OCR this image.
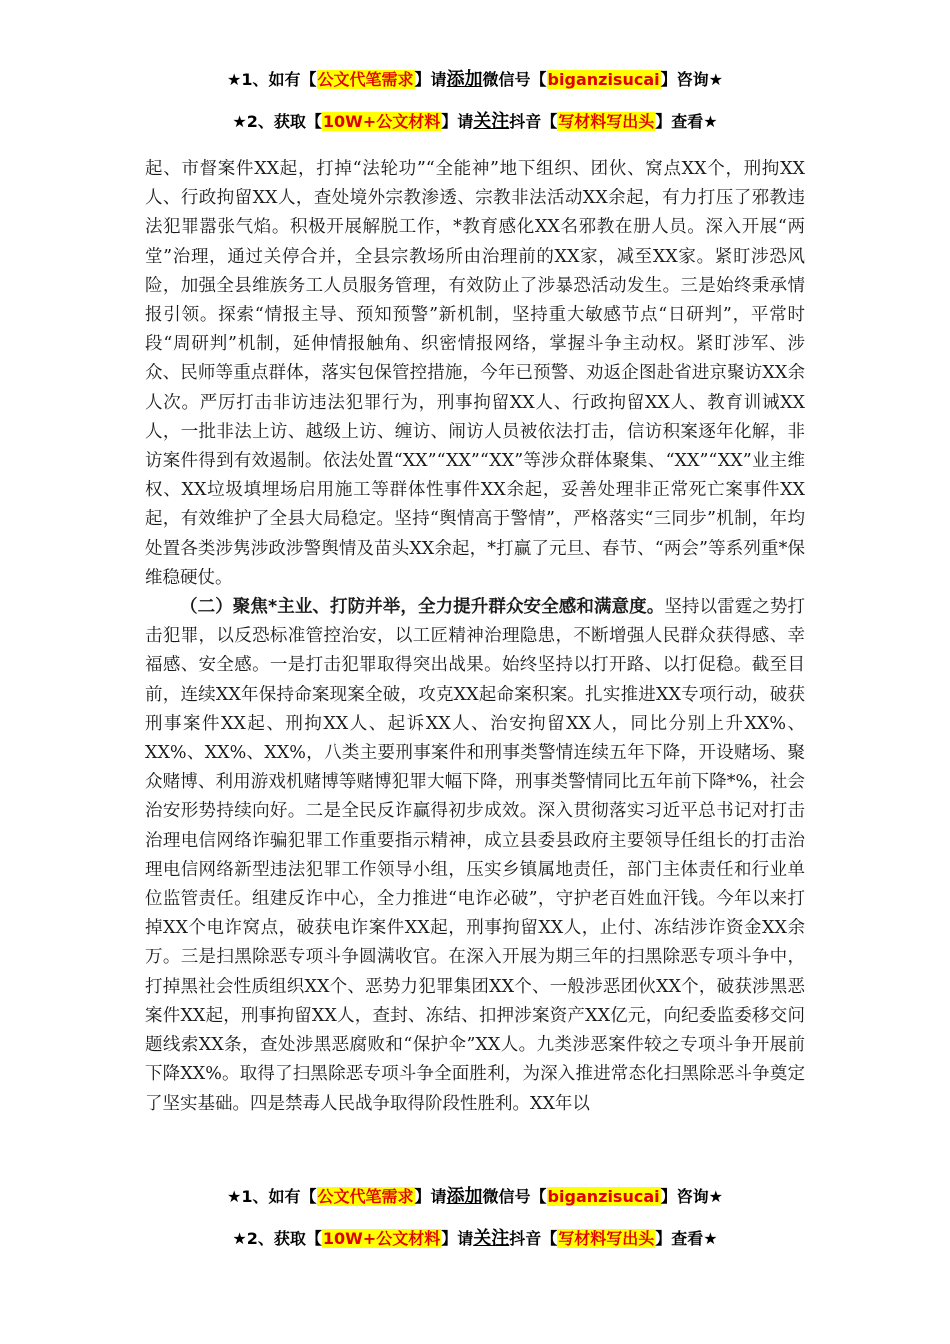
★1、如有【公文代笔需求】请添加微信号【biganzisucai】咨询★
★2、获取【10W+公文材料】请关注抖音【写材料写出头】查看★

起、市督案件XX起，打掉“法轮功”“全能神”地下组织、团伙、窝点XX个，刑拘XX人、行政拘留XX人，查处境外宗教渗透、宗教非法活动XX余起，有力打压了邪教违法犯罪嚣张气焰。积极开展解脱工作，*教育感化XX名邪教在册人员。深入开展“两堂”治理，通过关停合并，全县宗教场所由治理前的XX家，减至XX家。紧盯涉恐风险，加强全县维族务工人员服务管理，有效防止了涉暴恐活动发生。三是始终秉承情报引领。探索“情报主导、预知预警”新机制，坚持重大敏感节点“日研判”，平常时段“周研判”机制，延伸情报触角、织密情报网络，掌握斗争主动权。紧盯涉军、涉众、民师等重点群体，落实包保管控措施，今年已预警、劝返企图赴省进京聚访XX余人次。严厉打击非访违法犯罪行为，刑事拘留XX人、行政拘留XX人、教育训诫XX人，一批非法上访、越级上访、缠访、闹访人员被依法打击，信访积案逐年化解，非访案件得到有效遏制。依法处置“XX”“XX”“XX”等涉众群体聚集、“XX”“XX”业主维权、XX垃圾填埋场启用施工等群体性事件XX余起，妥善处理非正常死亡案事件XX起，有效维护了全县大局稳定。坚持“舆情高于警情”，严格落实“三同步”机制，年均处置各类涉隽涉政涉警舆情及苗头XX余起，*打赢了元旦、春节、“两会”等系列重*保维稳硬仗。

（二）聚焦*主业、打防并举，全力提升群众安全感和满意度。坚持以雷霆之势打击犯罪，以反恐标准管控治安，以工匠精神治理隐患，不断增强人民群众获得感、幸福感、安全感。一是打击犯罪取得突出战果。始终坚持以打开路、以打促稳。截至目前，连续XX年保持命案现案全破，攻克XX起命案积案。扎实推进XX专项行动，破获刑事案件XX起、刑拘XX人、起诉XX人、治安拘留XX人，同比分别上升XX%、XX%、XX%、XX%，八类主要刑事案件和刑事类警情连续五年下降，开设赌场、聚众赌博、利用游戏机赌博等赌博犯罪大幅下降，刑事类警情同比五年前下降*%，社会治安形势持续向好。二是全民反诈赢得初步成效。深入贯彻落实习近平总书记对打击治理电信网络诈骗犯罪工作重要指示精神，成立县委县政府主要领导任组长的打击治理电信网络新型违法犯罪工作领导小组，压实乡镇属地责任，部门主体责任和行业单位监管责任。组建反诈中心，全力推进“电诈必破”，守护老百姓血汗钱。今年以来打掉XX个电诈窝点，破获电诈案件XX起，刑事拘留XX人，止付、冻结涉诈资金XX余万。三是扫黑除恶专项斗争圆满收官。在深入开展为期三年的扫黑除恶专项斗争中，打掉黑社会性质组织XX个、恶势力犯罪集团XX个、一般涉恶团伙XX个，破获涉黑恶案件XX起，刑事拘留XX人，查封、冻结、扣押涉案资产XX亿元，向纪委监委移交问题线索XX条，查处涉黑恶腐败和“保护伞”XX人。九类涉恶案件较之专项斗争开展前下降XX%。取得了扫黑除恶专项斗争全面胜利，为深入推进常态化扫黑除恶斗争奠定了坚实基础。四是禁毒人民战争取得阶段性胜利。XX年以

★1、如有【公文代笔需求】请添加微信号【biganzisucai】咨询★
★2、获取【10W+公文材料】请关注抖音【写材料写出头】查看★
